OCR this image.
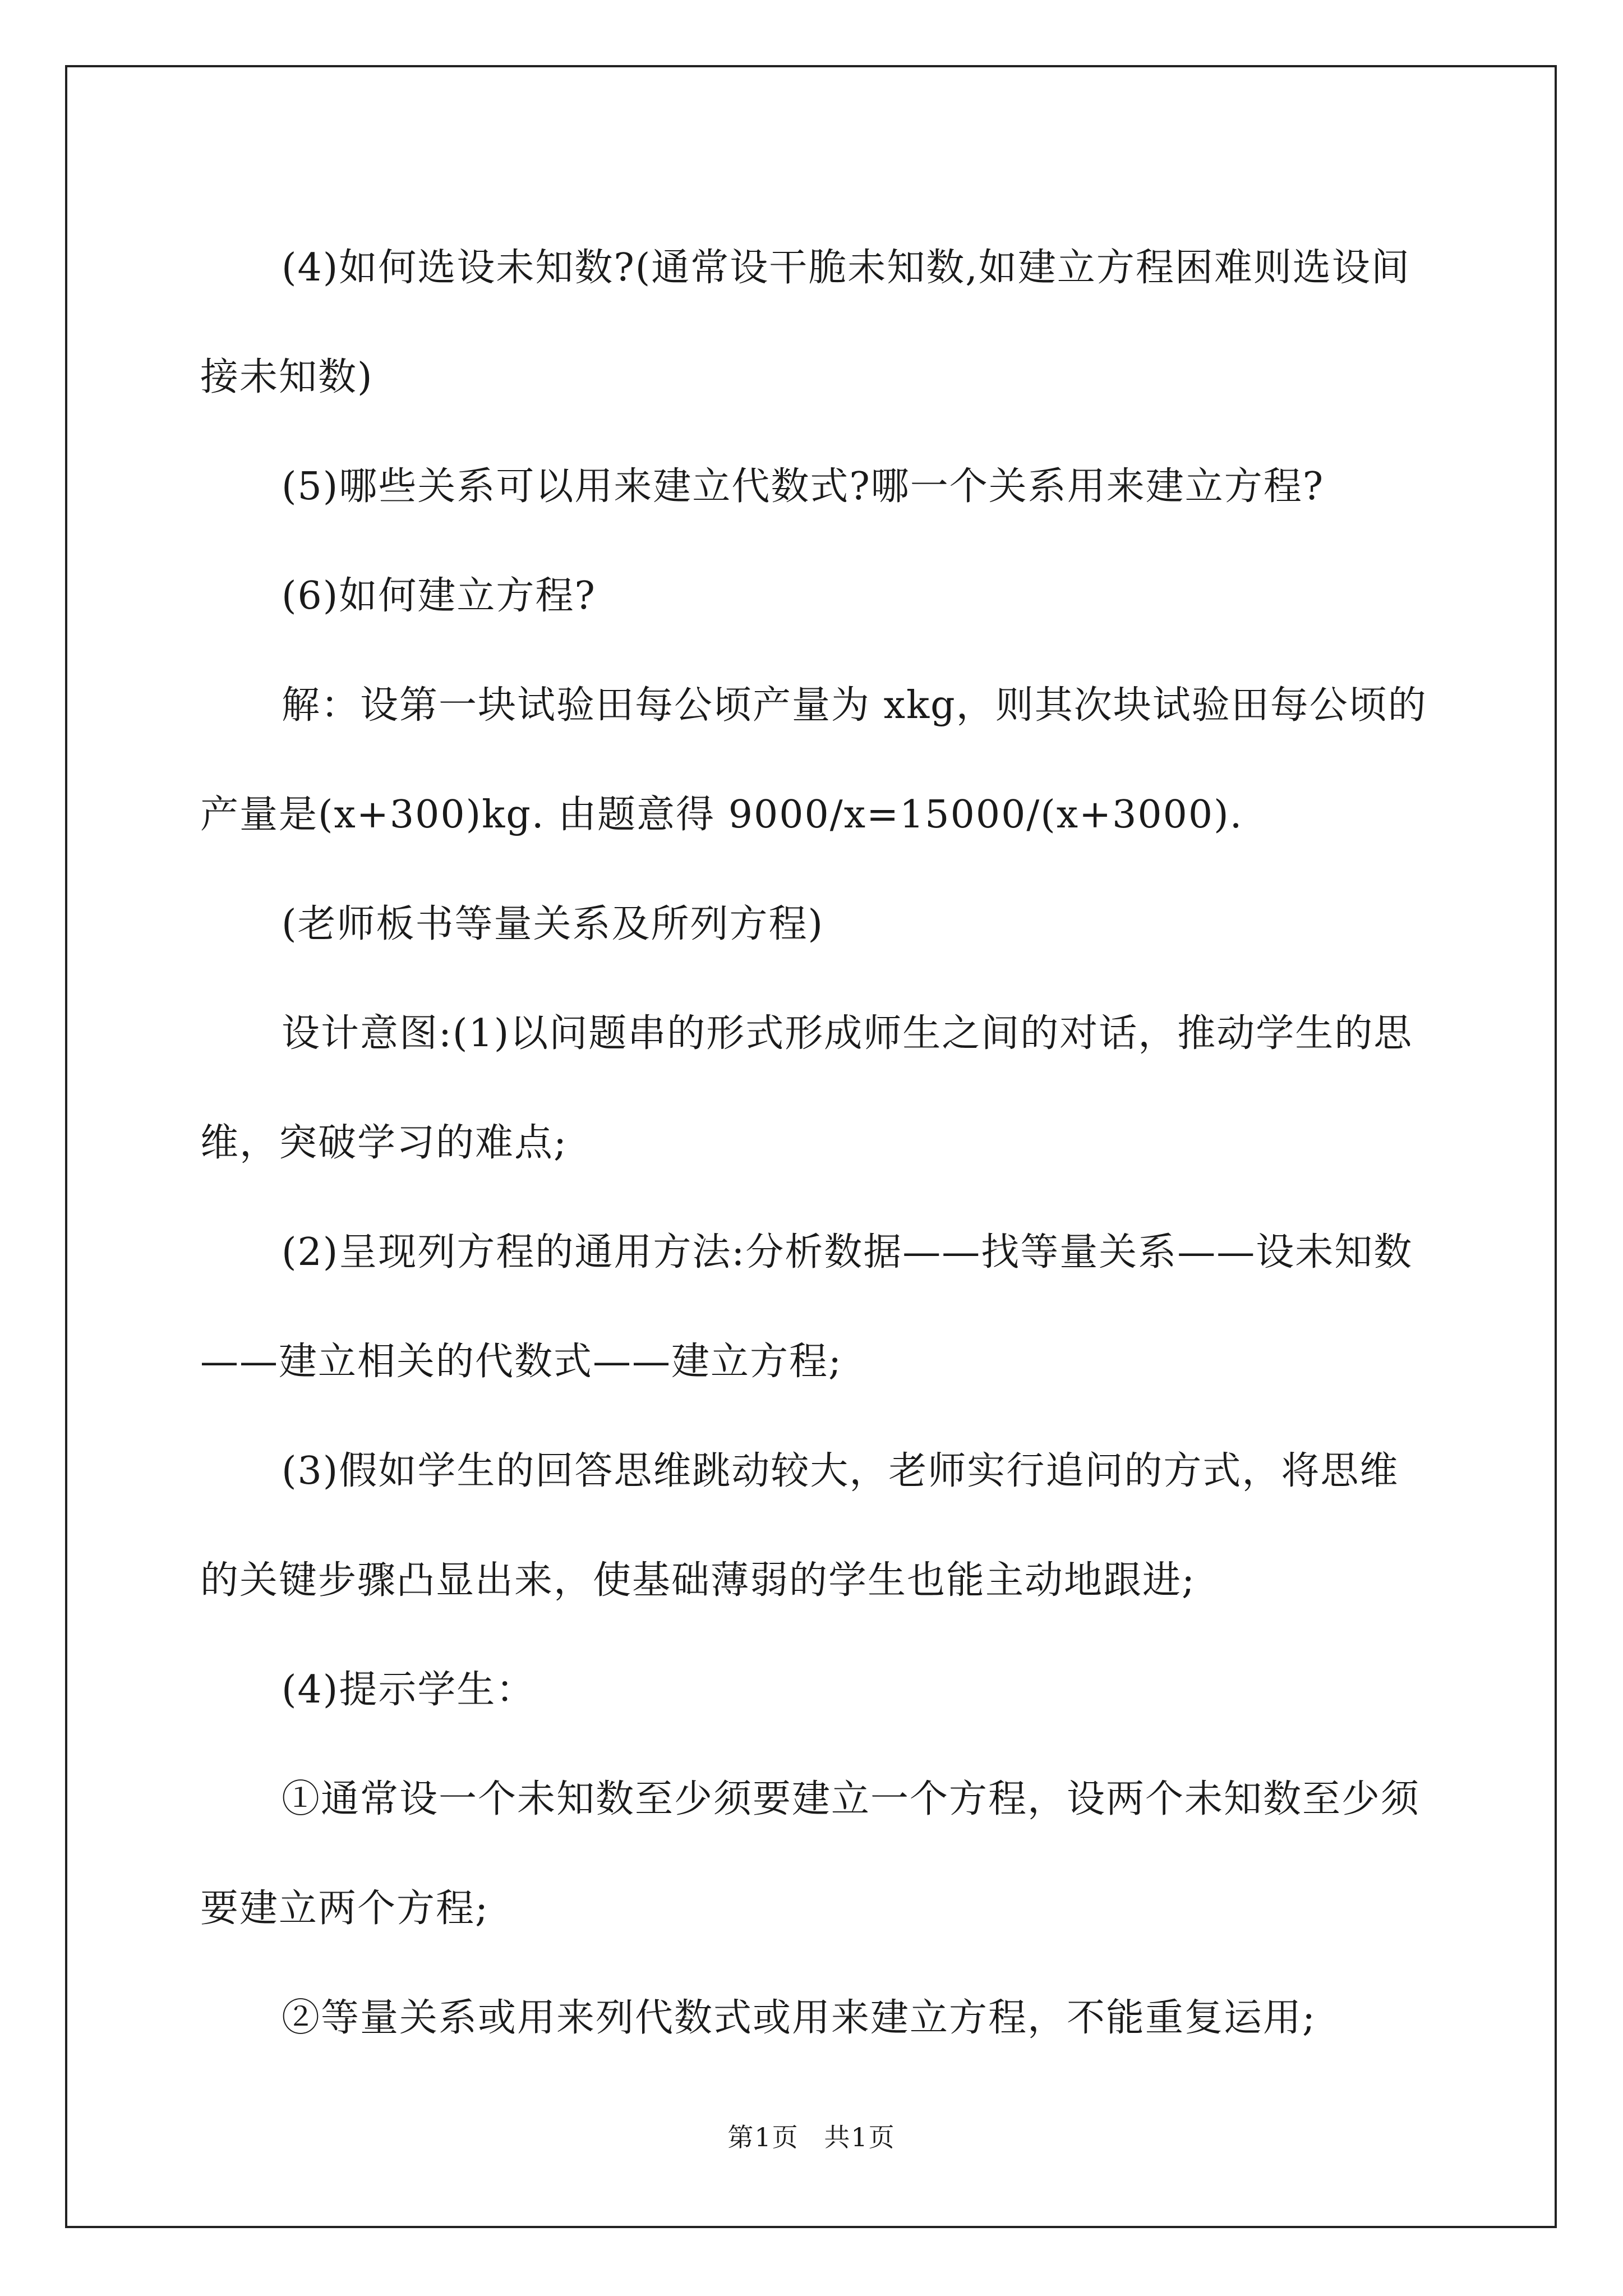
(4)如何选设未知数?(通常设干脆未知数,如建立方程困难则选设间接未知数)

(5)哪些关系可以用来建立代数式?哪一个关系用来建立方程?

(6)如何建立方程?

解：设第一块试验田每公顷产量为 xkg，则其次块试验田每公顷的产量是(x+300)kg. 由题意得 9000/x=15000/(x+3000).

(老师板书等量关系及所列方程)

设计意图:(1)以问题串的形式形成师生之间的对话，推动学生的思维，突破学习的难点;

(2)呈现列方程的通用方法:分析数据——找等量关系——设未知数——建立相关的代数式——建立方程;

(3)假如学生的回答思维跳动较大，老师实行追问的方式，将思维的关键步骤凸显出来，使基础薄弱的学生也能主动地跟进;

(4)提示学生：

①通常设一个未知数至少须要建立一个方程，设两个未知数至少须要建立两个方程;

②等量关系或用来列代数式或用来建立方程，不能重复运用;

第1页 共1页
